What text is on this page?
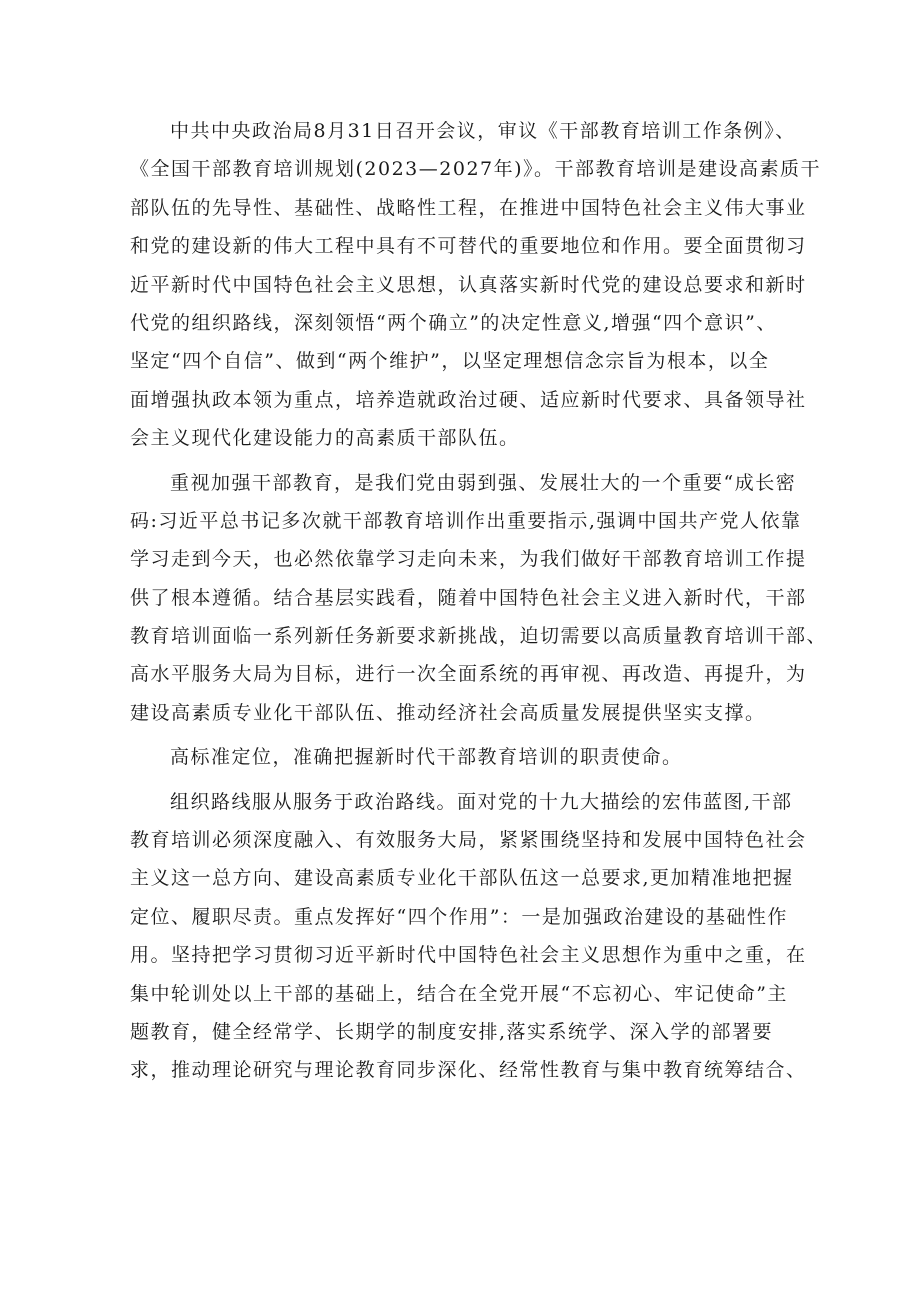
中共中央政治局8月31日召开会议，审议《干部教育培训工作条例》、
《全国干部教育培训规划(2023—2027年)》。干部教育培训是建设高素质干
部队伍的先导性、基础性、战略性工程，在推进中国特色社会主义伟大事业
和党的建设新的伟大工程中具有不可替代的重要地位和作用。要全面贯彻习
近平新时代中国特色社会主义思想，认真落实新时代党的建设总要求和新时
代党的组织路线，深刻领悟“两个确立”的决定性意义,增强“四个意识”、
坚定“四个自信”、做到“两个维护”，以坚定理想信念宗旨为根本，以全
面增强执政本领为重点，培养造就政治过硬、适应新时代要求、具备领导社
会主义现代化建设能力的高素质干部队伍。
重视加强干部教育，是我们党由弱到强、发展壮大的一个重要“成长密
码:习近平总书记多次就干部教育培训作出重要指示,强调中国共产党人依靠
学习走到今天，也必然依靠学习走向未来，为我们做好干部教育培训工作提
供了根本遵循。结合基层实践看，随着中国特色社会主义进入新时代，干部
教育培训面临一系列新任务新要求新挑战，迫切需要以高质量教育培训干部、
高水平服务大局为目标，进行一次全面系统的再审视、再改造、再提升，为
建设高素质专业化干部队伍、推动经济社会高质量发展提供坚实支撑。
高标准定位，准确把握新时代干部教育培训的职责使命。
组织路线服从服务于政治路线。面对党的十九大描绘的宏伟蓝图,干部
教育培训必须深度融入、有效服务大局，紧紧围绕坚持和发展中国特色社会
主义这一总方向、建设高素质专业化干部队伍这一总要求,更加精准地把握
定位、履职尽责。重点发挥好“四个作用”：一是加强政治建设的基础性作
用。坚持把学习贯彻习近平新时代中国特色社会主义思想作为重中之重，在
集中轮训处以上干部的基础上，结合在全党开展“不忘初心、牢记使命”主
题教育，健全经常学、长期学的制度安排,落实系统学、深入学的部署要
求，推动理论研究与理论教育同步深化、经常性教育与集中教育统筹结合、
